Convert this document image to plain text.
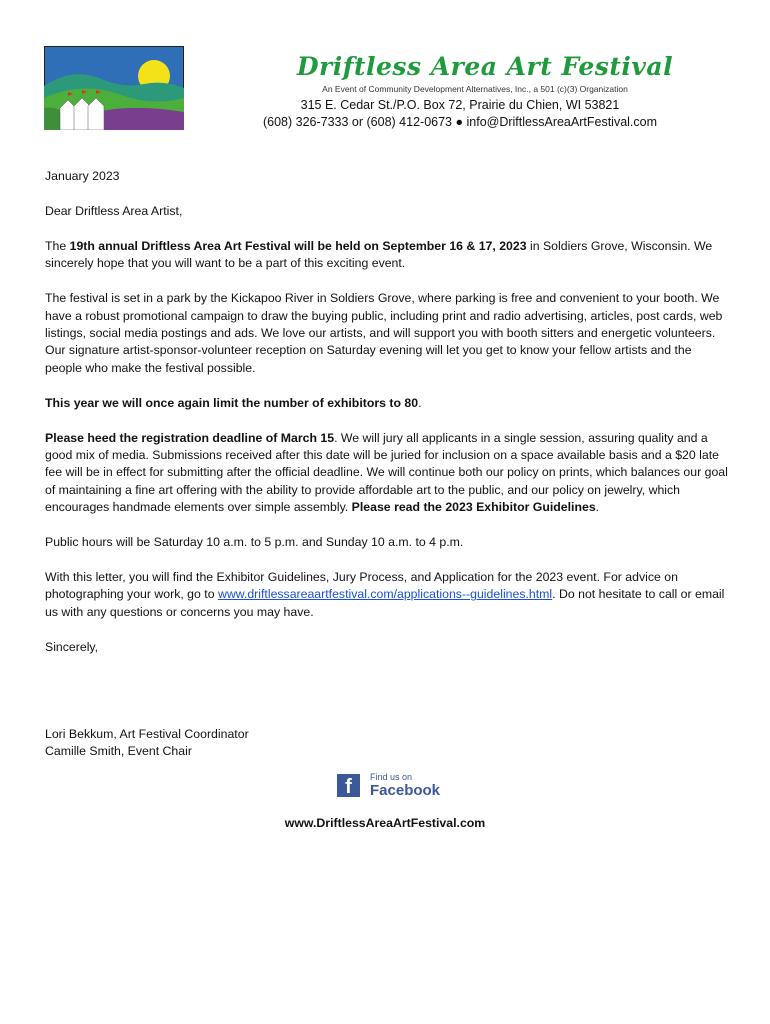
Driftless Area Art Festival
An Event of Community Development Alternatives, Inc., a 501 (c)(3) Organization
315 E. Cedar St./P.O. Box 72, Prairie du Chien, WI 53821
(608) 326-7333 or (608) 412-0673 ● info@DriftlessAreaArtFestival.com

January 2023

Dear Driftless Area Artist,

The 19th annual Driftless Area Art Festival will be held on September 16 & 17, 2023 in Soldiers Grove, Wisconsin. We sincerely hope that you will want to be a part of this exciting event.

The festival is set in a park by the Kickapoo River in Soldiers Grove, where parking is free and convenient to your booth. We have a robust promotional campaign to draw the buying public, including print and radio advertising, articles, post cards, web listings, social media postings and ads. We love our artists, and will support you with booth sitters and energetic volunteers. Our signature artist-sponsor-volunteer reception on Saturday evening will let you get to know your fellow artists and the people who make the festival possible.

This year we will once again limit the number of exhibitors to 80.

Please heed the registration deadline of March 15. We will jury all applicants in a single session, assuring quality and a good mix of media. Submissions received after this date will be juried for inclusion on a space available basis and a $20 late fee will be in effect for submitting after the official deadline. We will continue both our policy on prints, which balances our goal of maintaining a fine art offering with the ability to provide affordable art to the public, and our policy on jewelry, which encourages handmade elements over simple assembly. Please read the 2023 Exhibitor Guidelines.

Public hours will be Saturday 10 a.m. to 5 p.m. and Sunday 10 a.m. to 4 p.m.

With this letter, you will find the Exhibitor Guidelines, Jury Process, and Application for the 2023 event. For advice on photographing your work, go to www.driftlessareaartfestival.com/applications--guidelines.html. Do not hesitate to call or email us with any questions or concerns you may have.

Sincerely,

Lori Bekkum, Art Festival Coordinator

Camille Smith, Event Chair

f	Find us on
Facebook
www.DriftlessAreaArtFestival.com
